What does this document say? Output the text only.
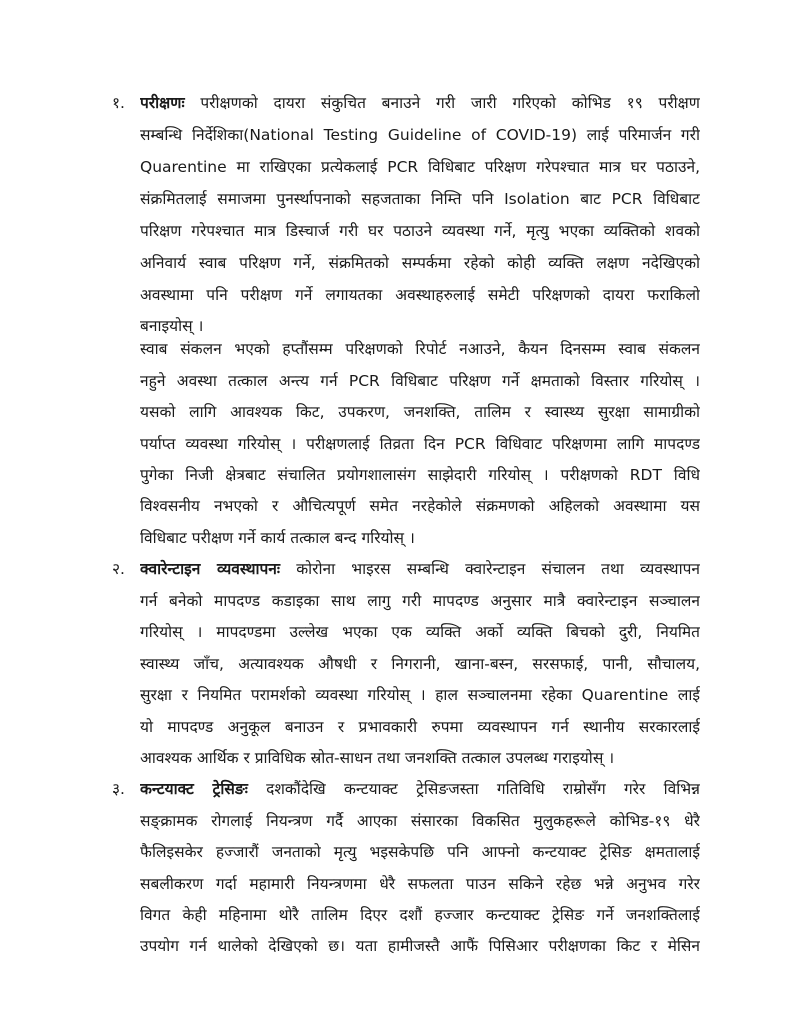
१. परीक्षणः परीक्षणको दायरा संकुचित बनाउने गरी जारी गरिएको कोभिड १९ परीक्षण
सम्बन्धि निर्देशिका(National Testing Guideline of COVID-19) लाई परिमार्जन गरी
Quarentine मा राखिएका प्रत्येकलाई PCR विधिबाट परिक्षण गरेपश्चात मात्र घर पठाउने,
संक्रमितलाई समाजमा पुनर्स्थापनाको सहजताका निम्ति पनि Isolation बाट PCR विधिबाट
परिक्षण गरेपश्चात मात्र डिस्चार्ज गरी घर पठाउने व्यवस्था गर्ने, मृत्यु भएका व्यक्तिको शवको
अनिवार्य स्वाब परिक्षण गर्ने, संक्रमितको सम्पर्कमा रहेको कोही व्यक्ति लक्षण नदेखिएको
अवस्थामा पनि परीक्षण गर्ने लगायतका अवस्थाहरुलाई समेटी परिक्षणको दायरा फराकिलो
बनाइयोस् ।
स्वाब संकलन भएको हप्तौंसम्म परिक्षणको रिपोर्ट नआउने, कैयन दिनसम्म स्वाब संकलन
नहुने अवस्था तत्काल अन्त्य गर्न PCR विधिबाट परिक्षण गर्ने क्षमताको विस्तार गरियोस् ।
यसको लागि आवश्यक किट, उपकरण, जनशक्ति, तालिम र स्वास्थ्य सुरक्षा सामाग्रीको
पर्याप्त व्यवस्था गरियोस् । परीक्षणलाई तिव्रता दिन PCR विधिवाट परिक्षणमा लागि मापदण्ड
पुगेका निजी क्षेत्रबाट संचालित प्रयोगशालासंग साझेदारी गरियोस् । परीक्षणको RDT विधि
विश्वसनीय नभएको र औचित्यपूर्ण समेत नरहेकोले संक्रमणको अहिलको अवस्थामा यस
विधिबाट परीक्षण गर्ने कार्य तत्काल बन्द गरियोस् ।
२. क्वारेन्टाइन व्यवस्थापनः कोरोना भाइरस सम्बन्धि क्वारेन्टाइन संचालन तथा व्यवस्थापन
गर्न बनेको मापदण्ड कडाइका साथ लागु गरी मापदण्ड अनुसार मात्रै क्वारेन्टाइन सञ्चालन
गरियोस् । मापदण्डमा उल्लेख भएका एक व्यक्ति अर्को व्यक्ति बिचको दुरी, नियमित
स्वास्थ्य जाँच, अत्यावश्यक औषधी र निगरानी, खाना-बस्न, सरसफाई, पानी, सौचालय,
सुरक्षा र नियमित परामर्शको व्यवस्था गरियोस् । हाल सञ्चालनमा रहेका Quarentine लाई
यो मापदण्ड अनुकूल बनाउन र प्रभावकारी रुपमा व्यवस्थापन गर्न स्थानीय सरकारलाई
आवश्यक आर्थिक र प्राविधिक स्रोत-साधन तथा जनशक्ति तत्काल उपलब्ध गराइयोस् ।
३. कन्टयाक्ट ट्रेसिङः दशकौंदेखि कन्टयाक्ट ट्रेसिङजस्ता गतिविधि राम्रोसँग गरेर विभिन्न
सङ्क्रामक रोगलाई नियन्त्रण गर्दै आएका संसारका विकसित मुलुकहरूले कोभिड-१९ धेरै
फैलिइसकेर हज्जारौं जनताको मृत्यु भइसकेपछि पनि आफ्नो कन्टयाक्ट ट्रेसिङ क्षमतालाई
सबलीकरण गर्दा महामारी नियन्त्रणमा धेरै सफलता पाउन सकिने रहेछ भन्ने अनुभव गरेर
विगत केही महिनामा थोरै तालिम दिएर दशौं हज्जार कन्टयाक्ट ट्रेसिङ गर्ने जनशक्तिलाई
उपयोग गर्न थालेको देखिएको छ। यता हामीजस्तै आफैं पिसिआर परीक्षणका किट र मेसिन
